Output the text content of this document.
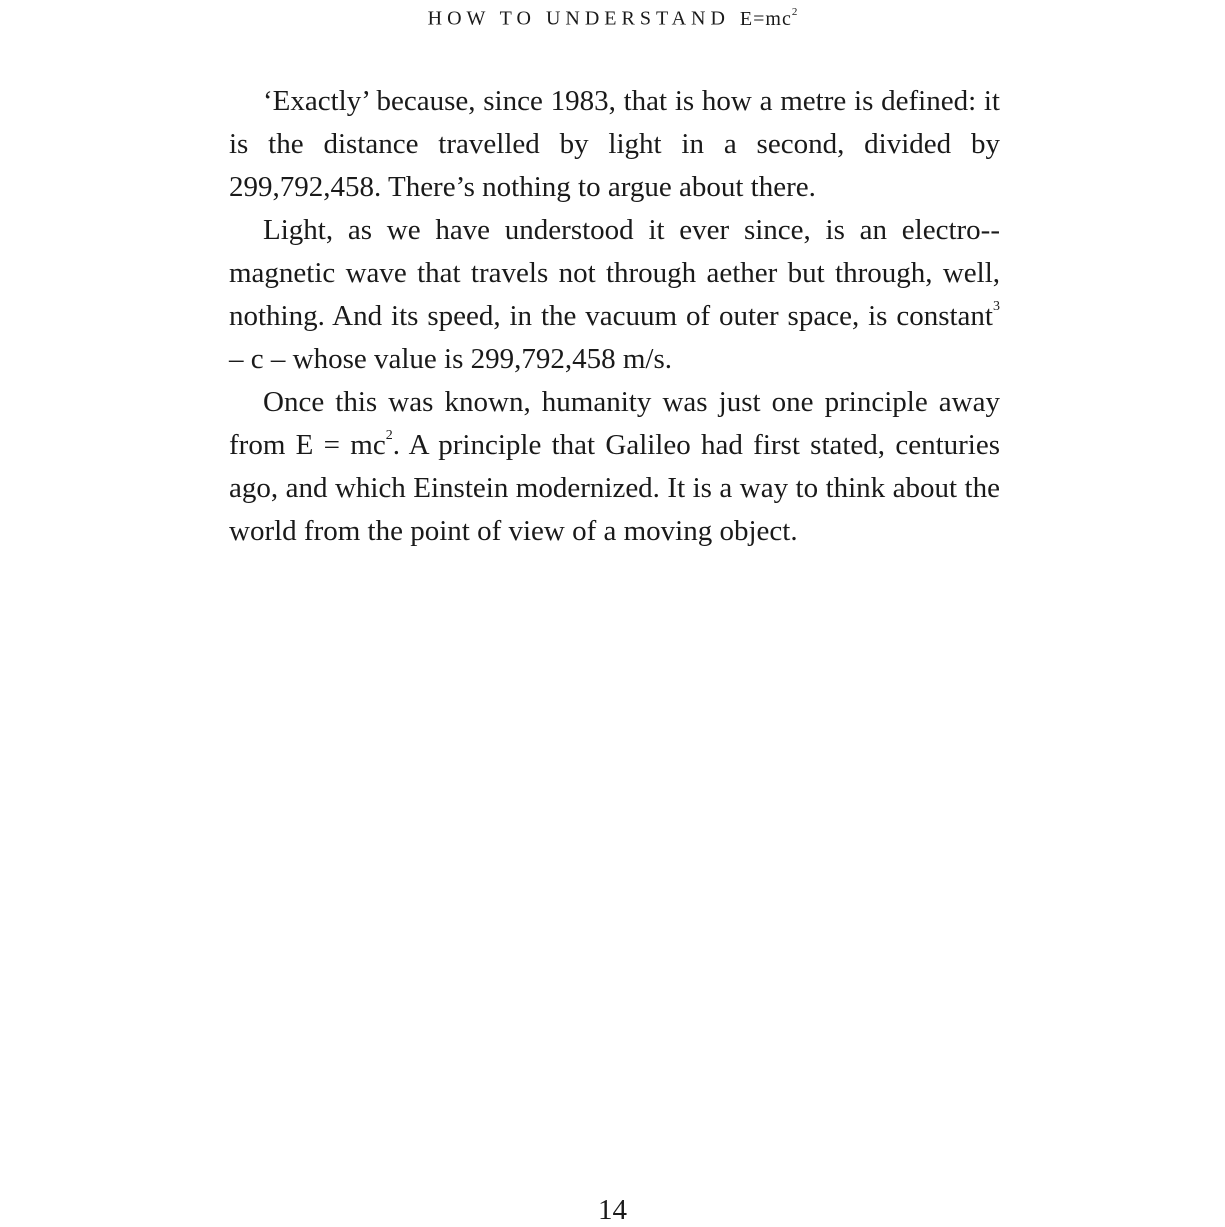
HOW TO UNDERSTAND $E=mc^2$

‘Exactly’ because, since 1983, that is how a metre is defined: it is the distance travelled by light in a second, divided by 299,792,458. There’s nothing to argue about there.

Light, as we have understood it ever since, is an electro-magnetic wave that travels not through aether but through, well, nothing. And its speed, in the vacuum of outer space, is constant$^3$ – c – whose value is 299,792,458 m/s.

Once this was known, humanity was just one principle away from $E = mc^2$. A principle that Galileo had first stated, centuries ago, and which Einstein modernized. It is a way to think about the world from the point of view of a moving object.

14
